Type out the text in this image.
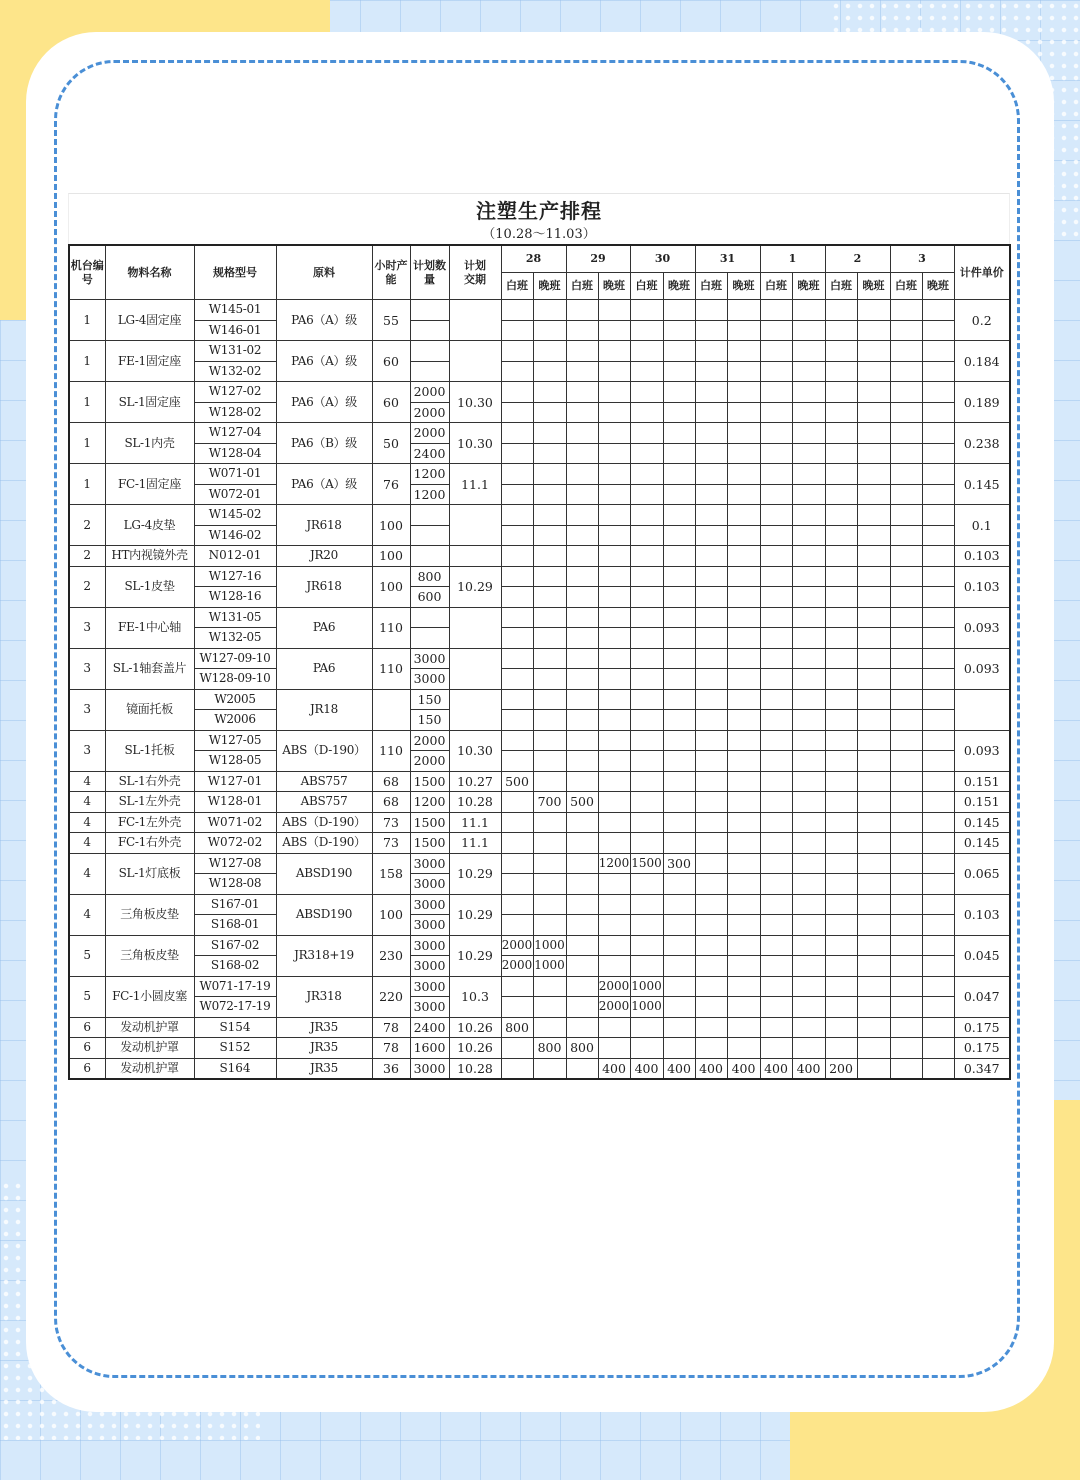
注塑生产排程
（10.28～11.03）
机台编号	物料名称	规格型号	原料	小时产能	计划数量	计划交期	28		29		30		31		1		2		3		计件单价
							白班	晚班	白班	晚班	白班	晚班	白班	晚班	白班	晚班	白班	晚班	白班	晚班	
1	LG-4固定座	W145-01	PA6（A）级	55																	0.2
		W146-01																			
1	FE-1固定座	W131-02	PA6（A）级	60																	0.184
		W132-02																			
1	SL-1固定座	W127-02	PA6（A）级	60	2000	10.30															0.189
		W128-02			2000																
1	SL-1内壳	W127-04	PA6（B）级	50	2000	10.30															0.238
		W128-04			2400																
1	FC-1固定座	W071-01	PA6（A）级	76	1200	11.1															0.145
		W072-01			1200																
2	LG-4皮垫	W145-02	JR618	100																	0.1
		W146-02																			
2	HT内视镜外壳	N012-01	JR20	100																	0.103

2	SL-1皮垫	W127-16	JR618	100	800	10.29															0.103
		W128-16			600																
3	FE-1中心轴	W131-05	PA6	110																	0.093
		W132-05																			
3	SL-1轴套盖片	W127-09-10	PA6	110	3000																0.093
		W128-09-10			3000																
3	镜面托板	W2005	JR18		150																
		W2006			150																
3	SL-1托板	W127-05	ABS（D-190）	110	2000	10.30															0.093
		W128-05			2000																
4	SL-1右外壳	W127-01	ABS757	68	1500	10.27	500														0.151

4	SL-1左外壳	W128-01	ABS757	68	1200	10.28		700	500												0.151

4	FC-1左外壳	W071-02	ABS（D-190）	73	1500	11.1															0.145

4	FC-1右外壳	W072-02	ABS（D-190）	73	1500	11.1															0.145

4	SL-1灯底板	W127-08	ABSD190	158	3000	10.29				1200	1500	300									0.065
		W128-08			3000																
4	三角板皮垫	S167-01	ABSD190	100	3000	10.29															0.103
		S168-01			3000																
5	三角板皮垫	S167-02	JR318+19	230	3000	10.29	2000	1000													0.045
		S168-02			3000		2000	1000													
5	FC-1小圆皮塞	W071-17-19	JR318	220	3000	10.3				2000	1000										0.047
		W072-17-19			3000					2000	1000										
6	发动机护罩	S154	JR35	78	2400	10.26	800														0.175

6	发动机护罩	S152	JR35	78	1600	10.26		800	800												0.175

6	发动机护罩	S164	JR35	36	3000	10.28				400	400	400	400	400	400	400	200				0.347
